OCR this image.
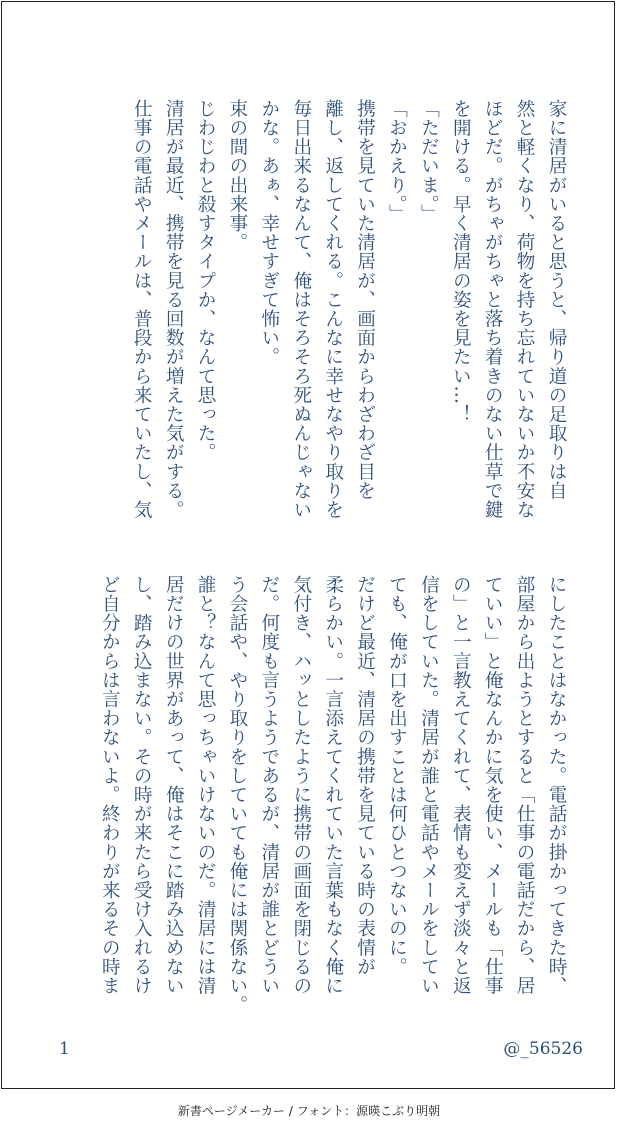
家に清居がいると思うと、帰り道の足取りは自

然と軽くなり、荷物を持ち忘れていないか不安な

ほどだ。がちゃがちゃと落ち着きのない仕草で鍵

を開ける。早く清居の姿を見たい…！

「ただいま。」

「おかえり。」

携帯を見ていた清居が、画面からわざわざ目を

離し、返してくれる。こんなに幸せなやり取りを

毎日出来るなんて、俺はそろそろ死ぬんじゃない

かな。あぁ、幸せすぎて怖い。

束の間の出来事。

じわじわと殺すタイプか、なんて思った。

清居が最近、携帯を見る回数が増えた気がする。

仕事の電話やメールは、普段から来ていたし、気

にしたことはなかった。電話が掛かってきた時、

部屋から出ようとすると「仕事の電話だから、居

ていい」と俺なんかに気を使い、メールも「仕事

の」と一言教えてくれて、表情も変えず淡々と返

信をしていた。清居が誰と電話やメールをしてい

ても、俺が口を出すことは何ひとつないのに。

だけど最近、清居の携帯を見ている時の表情が

柔らかい。一言添えてくれていた言葉もなく俺に

気付き、ハッとしたように携帯の画面を閉じるの

だ。何度も言うようであるが、清居が誰とどうい

う会話や、やり取りをしていても俺には関係ない。

誰と？なんて思っちゃいけないのだ。清居には清

居だけの世界があって、俺はそこに踏み込めない

し、踏み込まない。その時が来たら受け入れるけ

ど自分からは言わないよ。終わりが来るその時ま

1	@_56526
新書ページメーカー / フォント：源暎こぶり明朝
